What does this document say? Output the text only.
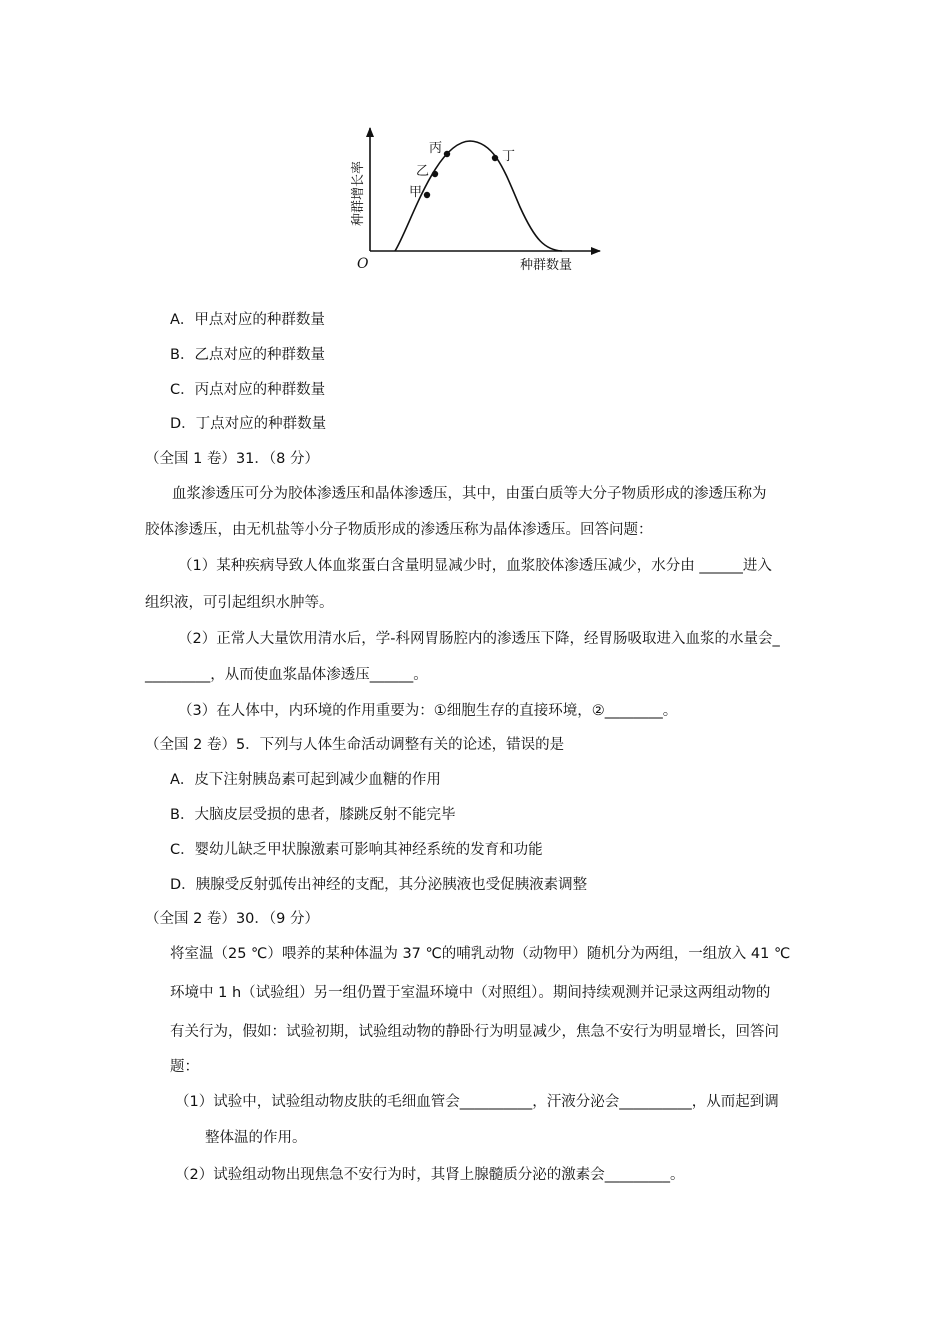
甲
乙
丙
丁
种群增长率
种群数量
O
A．甲点对应的种群数量
B．乙点对应的种群数量
C．丙点对应的种群数量
D．丁点对应的种群数量
（全国 1 卷）31．（8 分）
血浆渗透压可分为胶体渗透压和晶体渗透压，其中，由蛋白质等大分子物质形成的渗透压称为
胶体渗透压，由无机盐等小分子物质形成的渗透压称为晶体渗透压。回答问题：
（1）某种疾病导致人体血浆蛋白含量明显减少时，血浆胶体渗透压减少，水分由 ______进入
组织液，可引起组织水肿等。
（2）正常人大量饮用清水后，学-科网胃肠腔内的渗透压下降，经胃肠吸取进入血浆的水量会_
_________，从而使血浆晶体渗透压______。
（3）在人体中，内环境的作用重要为：①细胞生存的直接环境，②________。
（全国 2 卷）5．下列与人体生命活动调整有关的论述，错误的是
A．皮下注射胰岛素可起到减少血糖的作用
B．大脑皮层受损的患者，膝跳反射不能完毕
C．婴幼儿缺乏甲状腺激素可影响其神经系统的发育和功能
D．胰腺受反射弧传出神经的支配，其分泌胰液也受促胰液素调整
（全国 2 卷）30．（9 分）
将室温（25 ℃）喂养的某种体温为 37 ℃的哺乳动物（动物甲）随机分为两组，一组放入 41 ℃
环境中 1 h（试验组）另一组仍置于室温环境中（对照组）。期间持续观测并记录这两组动物的
有关行为，假如：试验初期，试验组动物的静卧行为明显减少，焦急不安行为明显增长，回答问
题：
（1）试验中，试验组动物皮肤的毛细血管会__________，汗液分泌会__________，从而起到调
整体温的作用。
（2）试验组动物出现焦急不安行为时，其肾上腺髓质分泌的激素会_________。
